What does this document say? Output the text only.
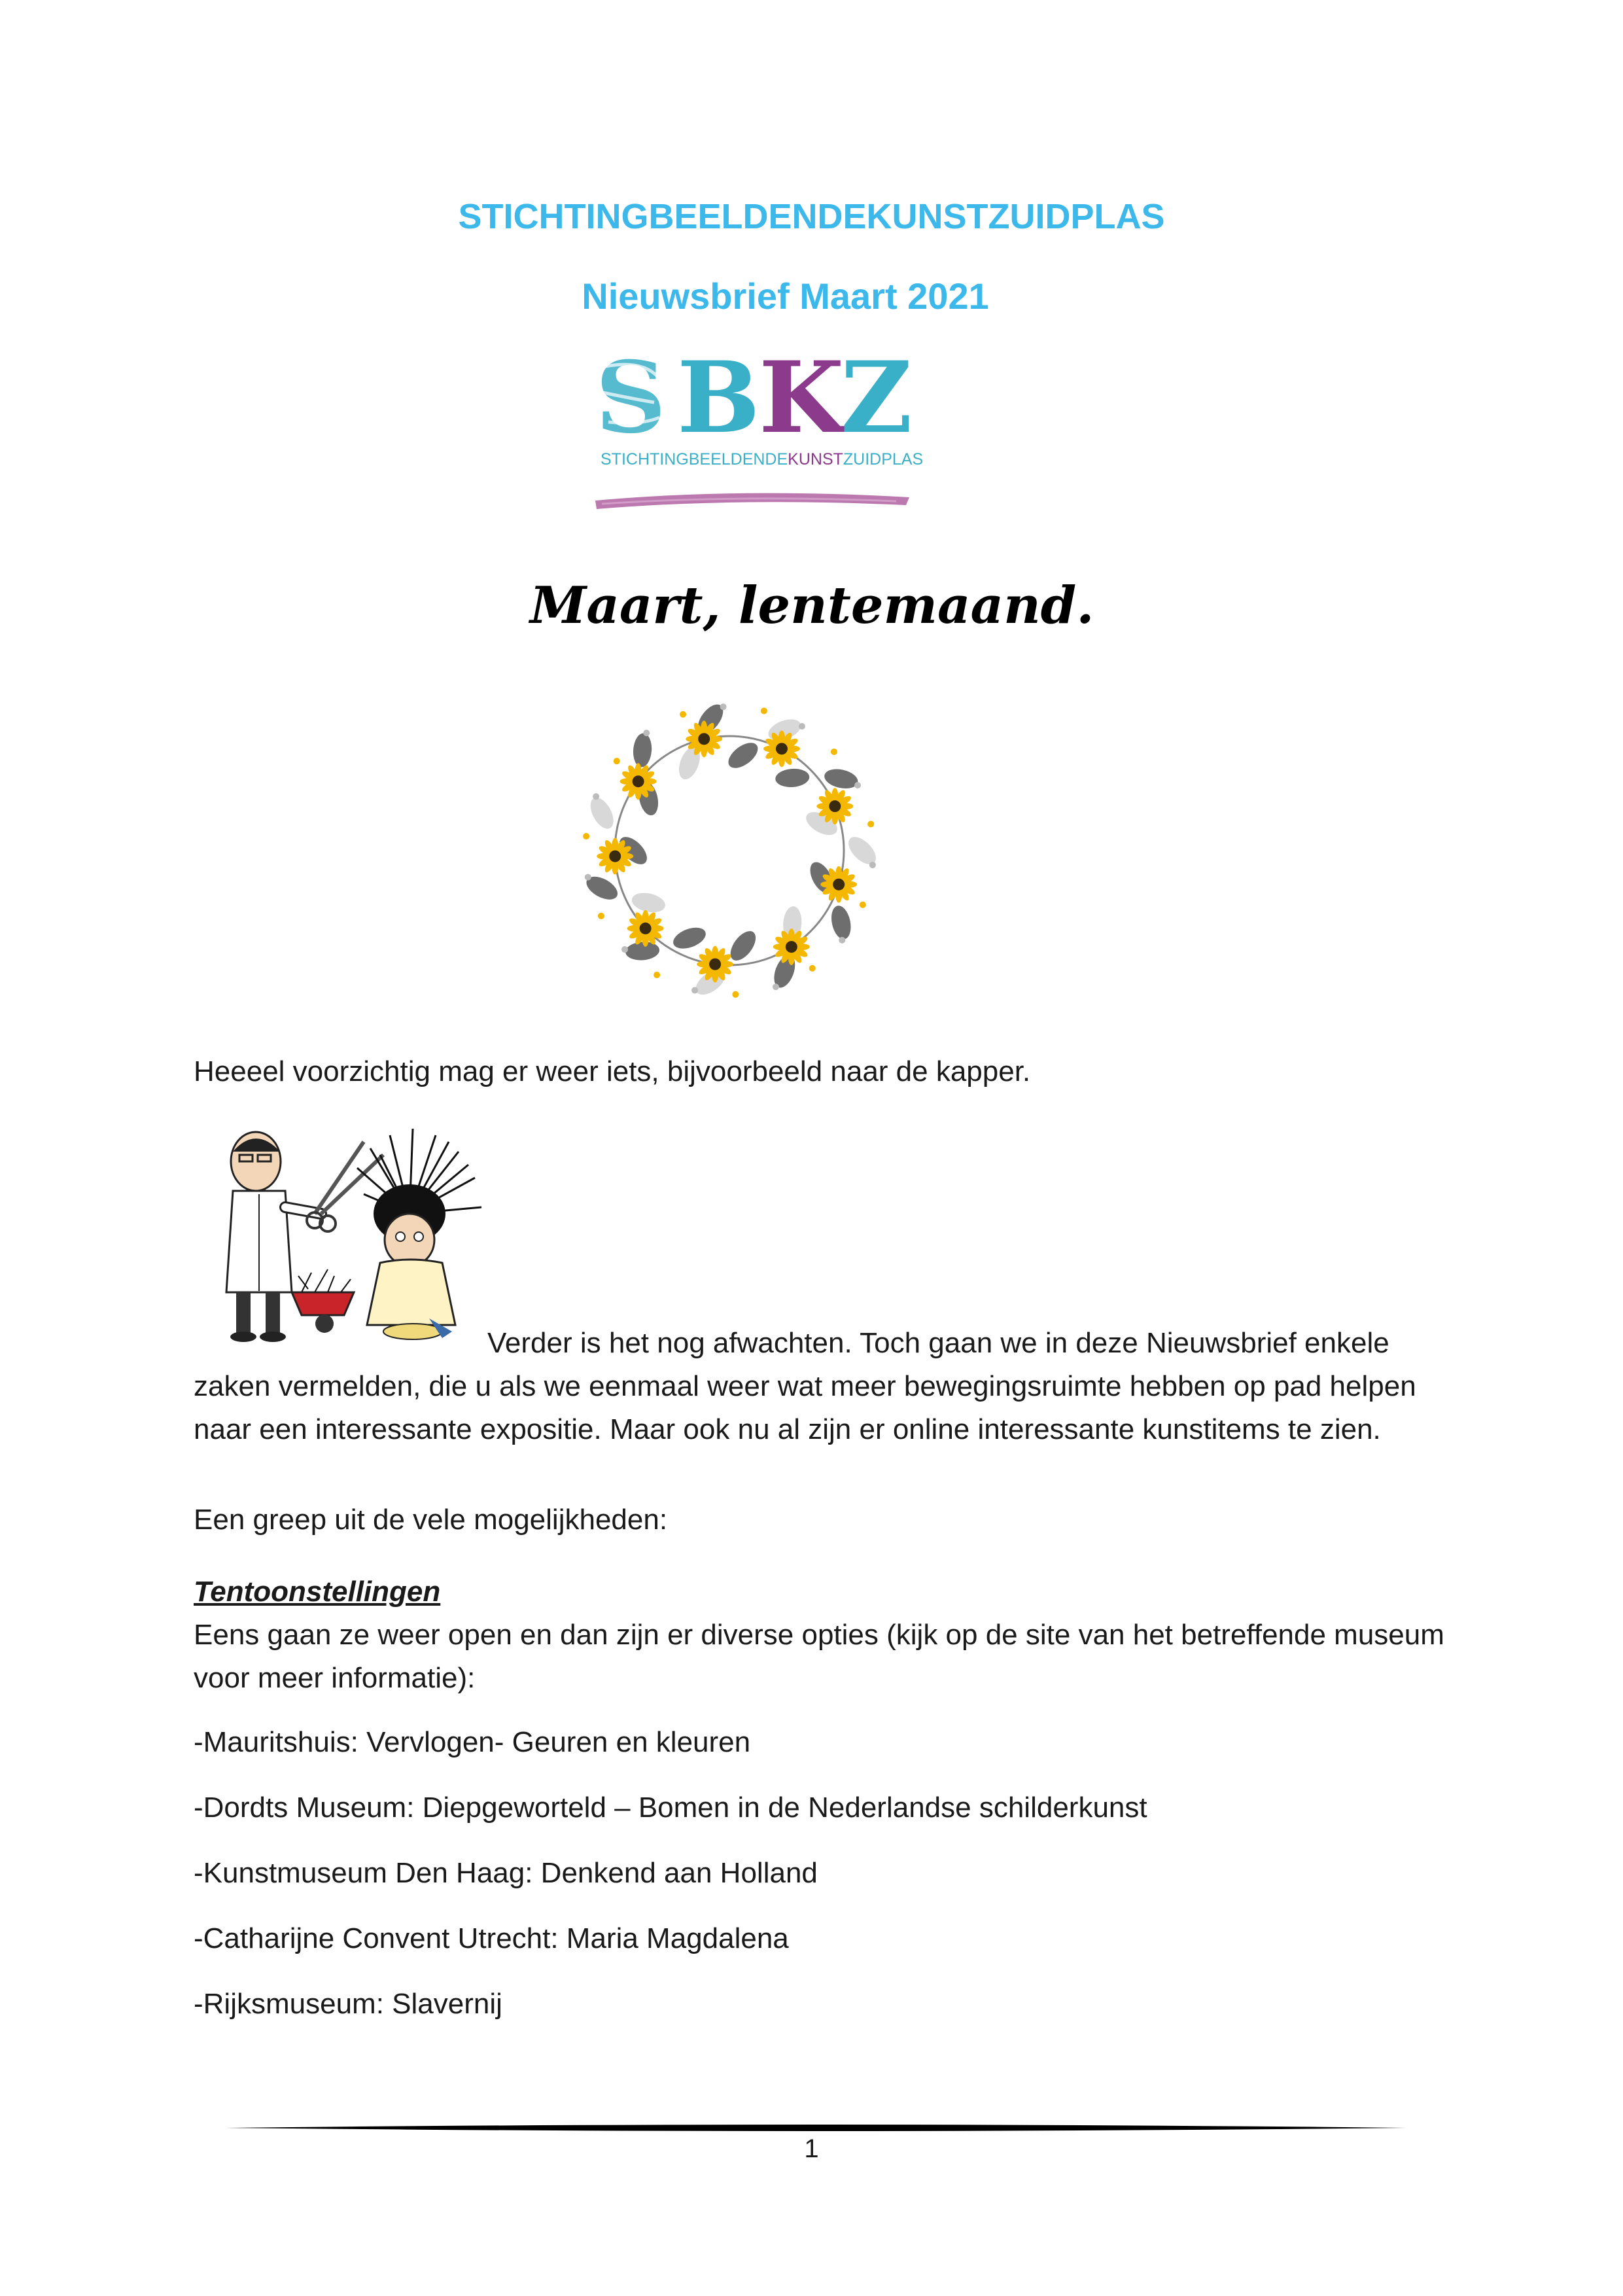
STICHTINGBEELDENDEKUNSTZUIDPLAS
Nieuwsbrief Maart 2021
S B
K
Z
STICHTINGBEELDENDEKUNSTZUIDPLAS
Maart, lentemaand.
Heeeel voorzichtig mag er weer iets, bijvoorbeeld naar de kapper.
Verder is het nog afwachten. Toch gaan we in deze Nieuwsbrief enkele
zaken vermelden, die u als we eenmaal weer wat meer bewegingsruimte hebben op pad helpen naar een interessante expositie. Maar ook nu al zijn er online interessante kunstitems te zien.
Een greep uit de vele mogelijkheden:
Tentoonstellingen
Eens gaan ze weer open en dan zijn er diverse opties (kijk op de site van het betreffende museum voor meer informatie):
-Mauritshuis: Vervlogen- Geuren en kleuren
-Dordts Museum: Diepgeworteld – Bomen in de Nederlandse schilderkunst
-Kunstmuseum Den Haag: Denkend aan Holland
-Catharijne Convent Utrecht: Maria Magdalena
-Rijksmuseum: Slavernij
1
